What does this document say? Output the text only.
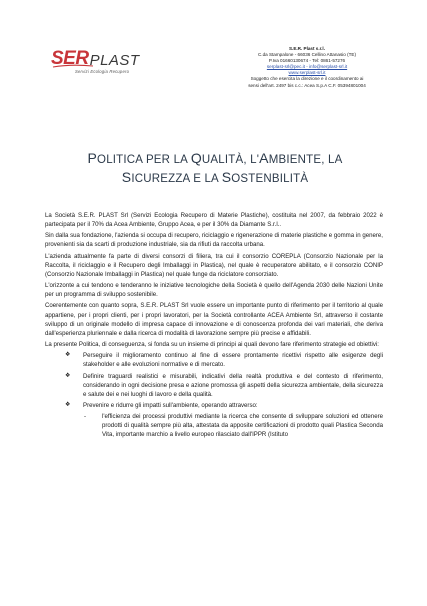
SER PLAST
Servizi Ecologia Recupero
S.E.R. Plast s.r.l.
C.da Stampalone - 66036 Cellino Attanasio (TE)
P.Iva 01660130674 - Tel: 0861-57276
serplast-srl@pec.it - info@serplast-srl.it
www.serplast-srl.it
Soggetto che esercita la direzione e il coordinamento ai
sensi dell'art. 2497 bis c.c.: Acea S.p.A C.F. 05394801004
POLITICA PER LA QUALITÀ, L'AMBIENTE, LA
SICUREZZA E LA SOSTENBILITÀ

La Società S.E.R. PLAST Srl (Servizi Ecologia Recupero di Materie Plastiche), costituita nel 2007, da febbraio 2022 è partecipata per il 70% da Acea Ambiente, Gruppo Acea, e per il 30% da Diamante S.r.l..

Sin dalla sua fondazione, l'azienda si occupa di recupero, riciclaggio e rigenerazione di materie plastiche e gomma in genere, provenienti sia da scarti di produzione industriale, sia da rifiuti da raccolta urbana.

L'azienda attualmente fa parte di diversi consorzi di filiera, tra cui il consorzio COREPLA (Consorzio Nazionale per la Raccolta, il riciclaggio e il Recupero degli Imballaggi in Plastica), nel quale è recuperatore abilitato, e il consorzio CONIP (Consorzio Nazionale Imballaggi in Plastica) nel quale funge da riciclatore consorziato.

L'orizzonte a cui tendono e tenderanno le iniziative tecnologiche della Società è quello dell'Agenda 2030 delle Nazioni Unite per un programma di sviluppo sostenibile.

Coerentemente con quanto sopra, S.E.R. PLAST Srl vuole essere un importante punto di riferimento per il territorio al quale appartiene, per i propri clienti, per i propri lavoratori, per la Società controllante ACEA Ambiente Srl, attraverso il costante sviluppo di un originale modello di impresa capace di innovazione e di conoscenza profonda dei vari materiali, che deriva dall'esperienza pluriennale e dalla ricerca di modalità di lavorazione sempre più precise e affidabili.

La presente Politica, di conseguenza, si fonda su un insieme di principi ai quali devono fare riferimento strategie ed obiettivi:

❖ Perseguire il miglioramento continuo al fine di essere prontamente ricettivi rispetto alle esigenze degli stakeholder e alle evoluzioni normative e di mercato.
❖ Definire traguardi realistici e misurabili, indicativi della realtà produttiva e del contesto di riferimento, considerando in ogni decisione presa e azione promossa gli aspetti della sicurezza ambientale, della sicurezza e salute dei e nei luoghi di lavoro e della qualità.
❖ Prevenire e ridurre gli impatti sull'ambiente, operando attraverso:
-	l'efficienza dei processi produttivi mediante la ricerca che consente di sviluppare soluzioni ed ottenere prodotti di qualità sempre più alta, attestata da apposite certificazioni di prodotto quali Plastica Seconda Vita, importante marchio a livello europeo rilasciato dall'IPPR (Istituto
